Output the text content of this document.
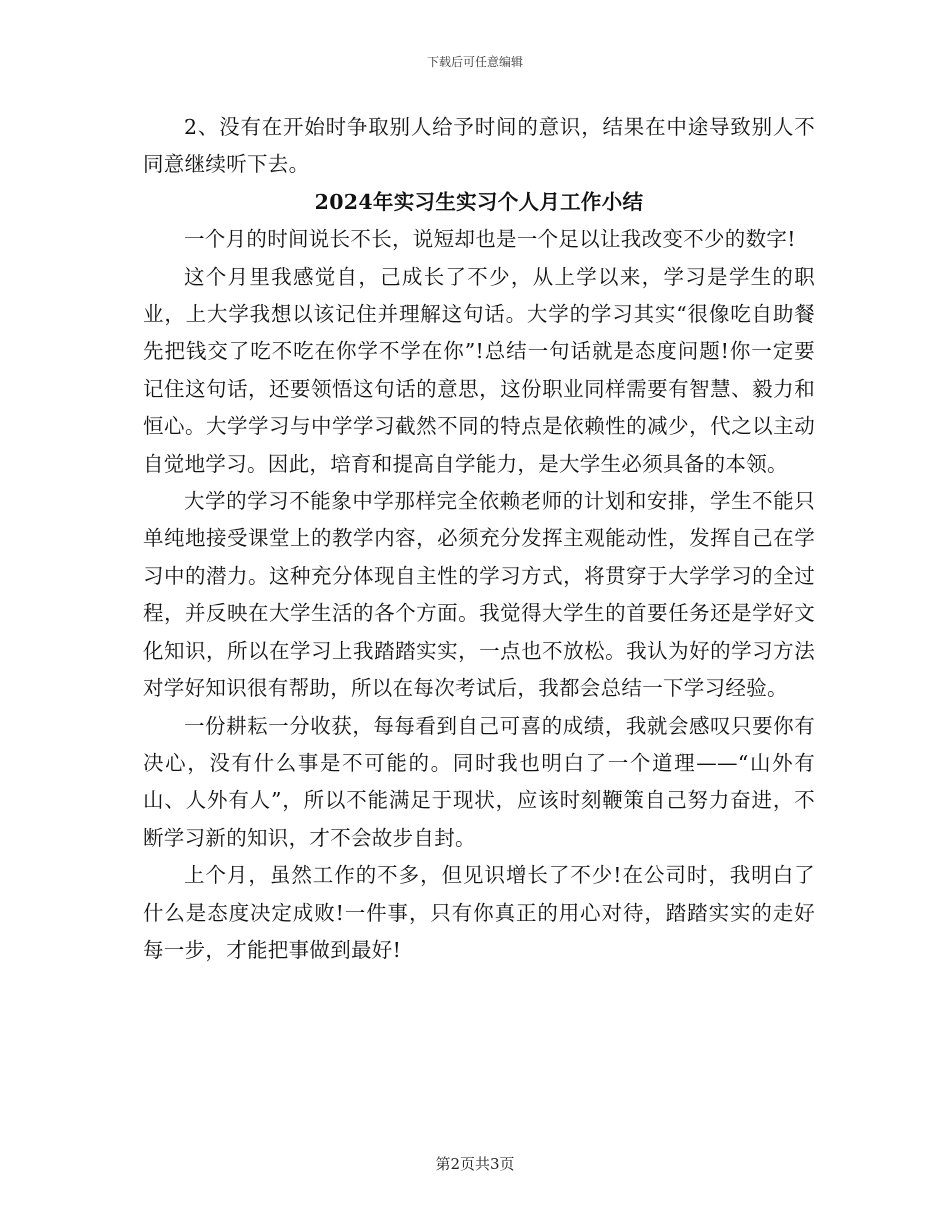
下载后可任意编辑

2、没有在开始时争取别人给予时间的意识，结果在中途导致别人不同意继续听下去。

2024年实习生实习个人月工作小结

一个月的时间说长不长，说短却也是一个足以让我改变不少的数字!

这个月里我感觉自，己成长了不少，从上学以来，学习是学生的职业，上大学我想以该记住并理解这句话。大学的学习其实“很像吃自助餐先把钱交了吃不吃在你学不学在你”!总结一句话就是态度问题!你一定要记住这句话，还要领悟这句话的意思，这份职业同样需要有智慧、毅力和恒心。大学学习与中学学习截然不同的特点是依赖性的减少，代之以主动自觉地学习。因此，培育和提高自学能力，是大学生必须具备的本领。

大学的学习不能象中学那样完全依赖老师的计划和安排，学生不能只单纯地接受课堂上的教学内容，必须充分发挥主观能动性，发挥自己在学习中的潜力。这种充分体现自主性的学习方式，将贯穿于大学学习的全过程，并反映在大学生活的各个方面。我觉得大学生的首要任务还是学好文化知识，所以在学习上我踏踏实实，一点也不放松。我认为好的学习方法对学好知识很有帮助，所以在每次考试后，我都会总结一下学习经验。

一份耕耘一分收获，每每看到自己可喜的成绩，我就会感叹只要你有决心，没有什么事是不可能的。同时我也明白了一个道理——“山外有山、人外有人”，所以不能满足于现状，应该时刻鞭策自己努力奋进，不断学习新的知识，才不会故步自封。

上个月，虽然工作的不多，但见识增长了不少!在公司时，我明白了什么是态度决定成败!一件事，只有你真正的用心对待，踏踏实实的走好每一步，才能把事做到最好!

第2页共3页
